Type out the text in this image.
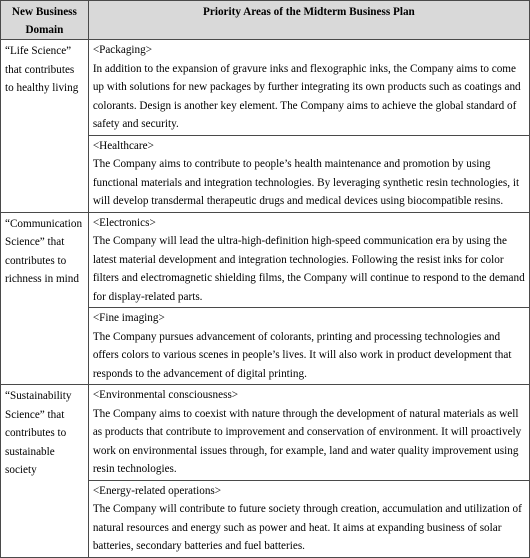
New Business Domain	Priority Areas of the Midterm Business Plan
“Life Science” that contributes to healthy living	<Packaging>
In addition to the expansion of gravure inks and flexographic inks, the Company aims to come up with solutions for new packages by further integrating its own products such as coatings and colorants. Design is another key element. The Company aims to achieve the global standard of safety and security.

	<Healthcare>
The Company aims to contribute to people’s health maintenance and promotion by using functional materials and integration technologies. By leveraging synthetic resin technologies, it will develop transdermal therapeutic drugs and medical devices using biocompatible resins.

“Communication Science” that contributes to richness in mind	<Electronics>
The Company will lead the ultra-high-definition high-speed communication era by using the latest material development and integration technologies. Following the resist inks for color filters and electromagnetic shielding films, the Company will continue to respond to the demand for display-related parts.

	<Fine imaging>
The Company pursues advancement of colorants, printing and processing technologies and offers colors to various scenes in people’s lives. It will also work in product development that responds to the advancement of digital printing.

“Sustainability Science” that contributes to sustainable society	<Environmental consciousness>
The Company aims to coexist with nature through the development of natural materials as well as products that contribute to improvement and conservation of environment. It will proactively work on environmental issues through, for example, land and water quality improvement using resin technologies.

	<Energy-related operations>
The Company will contribute to future society through creation, accumulation and utilization of natural resources and energy such as power and heat. It aims at expanding business of solar batteries, secondary batteries and fuel batteries.
